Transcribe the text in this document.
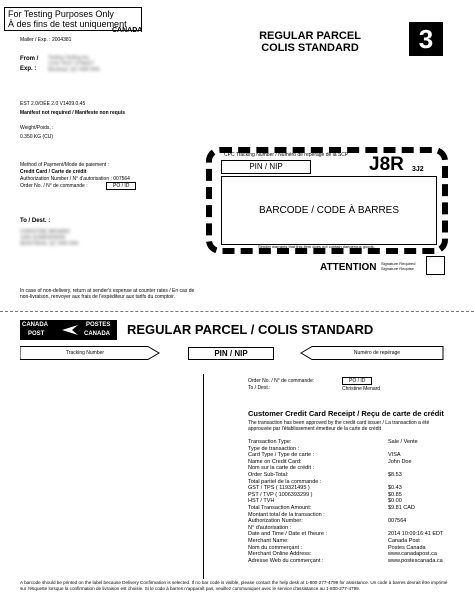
For Testing Purposes Only
À des fins de test uniquement
CANADA
Mailer / Exp. : 2004381
From /
Exp. :
Testing Testing Inc.
1234 TEST STREET
Montreal, QC H0H 0H0
REGULAR PARCEL
COLIS STANDARD	3
EST 2.0/OÉE 2.0 V1409.0.45
Manifest not required / Manifeste non requis
Weight/Poids, :
0.350 KG (CU)
Method of Payment/Mode de paiement :
Credit Card / Carte de crédit
Authorization Number / N° d'autorisation : 007564
Order No. / N° de commande :	PO / ID
To / Dest. :
CHRISTINE MENARD
1366 SOMEWHERE
MONTREAL QC H0H 0H0
CPC Tracking Number / Numéro de repérage de la SCP
PIN / NIP	J8R 3J2
BARCODE / CODE À BARRES
Sender warrants that this item does not contain dangerous goods.
ATTENTION Signature Required
Signature Requise
In case of non-delivery, return at sender's expense at counter rates / En cas de non-livraison, renvoyer aux frais de l'expéditeur aux tarifs du comptoir.
CANADA	POSTES
POST	CANADA REGULAR PARCEL / COLIS STANDARD
Tracking Number	PIN / NIP	Numéro de repérage
Order No. / N° de commande:	PO / ID
To / Dest.:	Christine Menard
Customer Credit Card Receipt / Reçu de carte de crédit
The transaction has been approved by the credit card issuer / La transaction a été approuvée par l'établissement émetteur de la carte de crédit
Transaction Type:	Sale / Vente
Type de transaction :
Card Type / Type de carte :	VISA
Name on Credit Card:	John Doe
Nom sur la carte de crédit :
Order Sub-Total:	$8.53
Total partiel de la commande :
GST / TPS ( 119321495 )	$0.43
PST / TVP ( 1006393299 )	$0.85
HST / TVH	$0.00
Total Transaction Amount:	$9.81 CAD
Montant total de la transaction :
Authorization Number:	007564
N° d'autorisation :
Date and Time / Date et l'heure :	2014 10:09:16:41 EDT
Merchant Name:	Canada Post
Nom du commerçant :	Postes Canada
Merchant Online Address:	www.canadapost.ca
Adresse Web du commerçant :	www.postescanada.ca
A barcode should be printed on the label because Delivery Confirmation is selected. If no bar code is visible, please contact the help desk at 1-800-277-4799 for assistance. Un code à barres devrait être imprimé sur l'étiquette lorsque la confirmation de livraison est choisie. Si le code à barres n'apparaît pas, veuillez communiquer avec le service d'assistance au 1-800-277-4799.
